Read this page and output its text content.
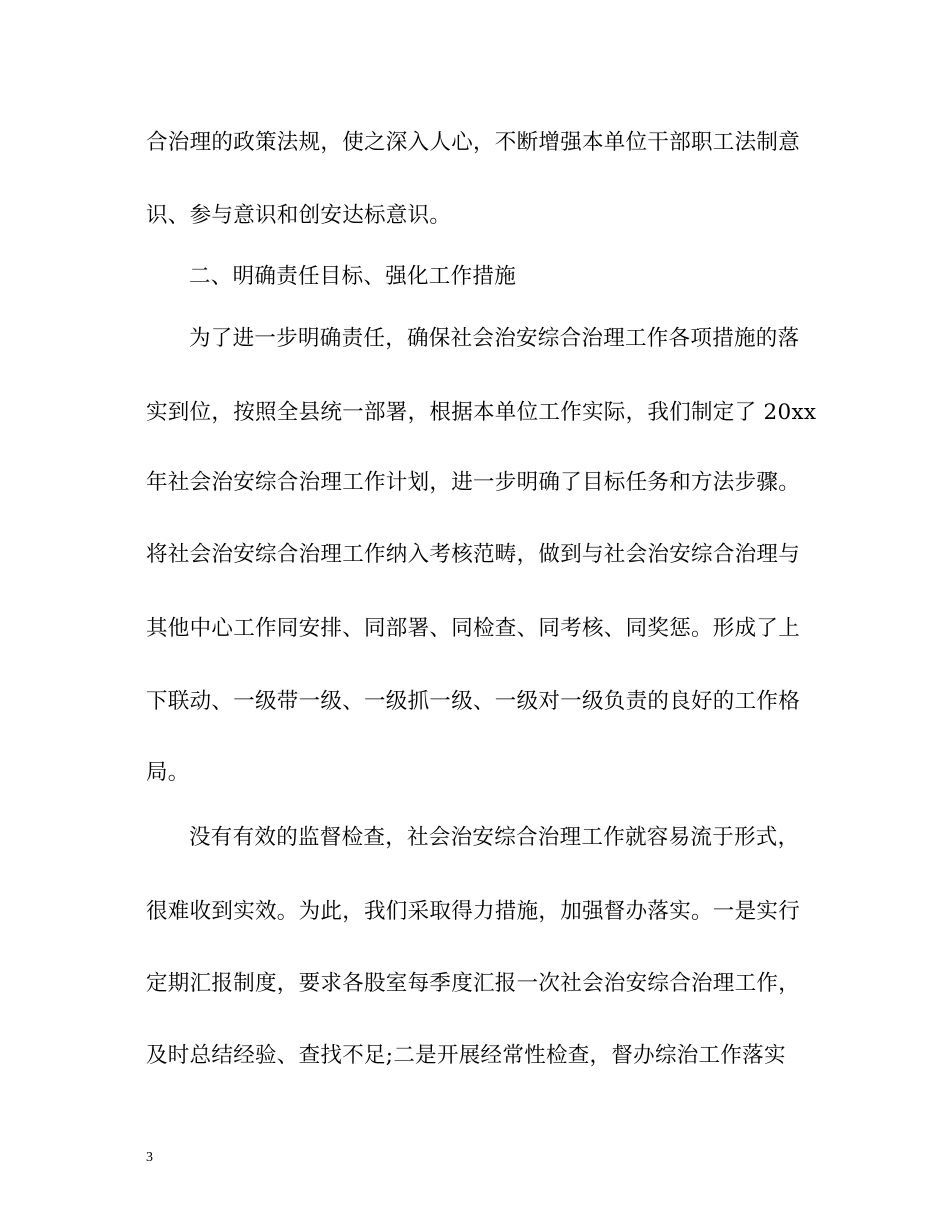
合治理的政策法规，使之深入人心，不断增强本单位干部职工法制意
识、参与意识和创安达标意识。
二、明确责任目标、强化工作措施
为了进一步明确责任，确保社会治安综合治理工作各项措施的落
实到位，按照全县统一部署，根据本单位工作实际，我们制定了 20xx
年社会治安综合治理工作计划，进一步明确了目标任务和方法步骤。
将社会治安综合治理工作纳入考核范畴，做到与社会治安综合治理与
其他中心工作同安排、同部署、同检查、同考核、同奖惩。形成了上
下联动、一级带一级、一级抓一级、一级对一级负责的良好的工作格
局。
没有有效的监督检查，社会治安综合治理工作就容易流于形式，
很难收到实效。为此，我们采取得力措施，加强督办落实。一是实行
定期汇报制度，要求各股室每季度汇报一次社会治安综合治理工作，
及时总结经验、查找不足;二是开展经常性检查，督办综治工作落实
3
